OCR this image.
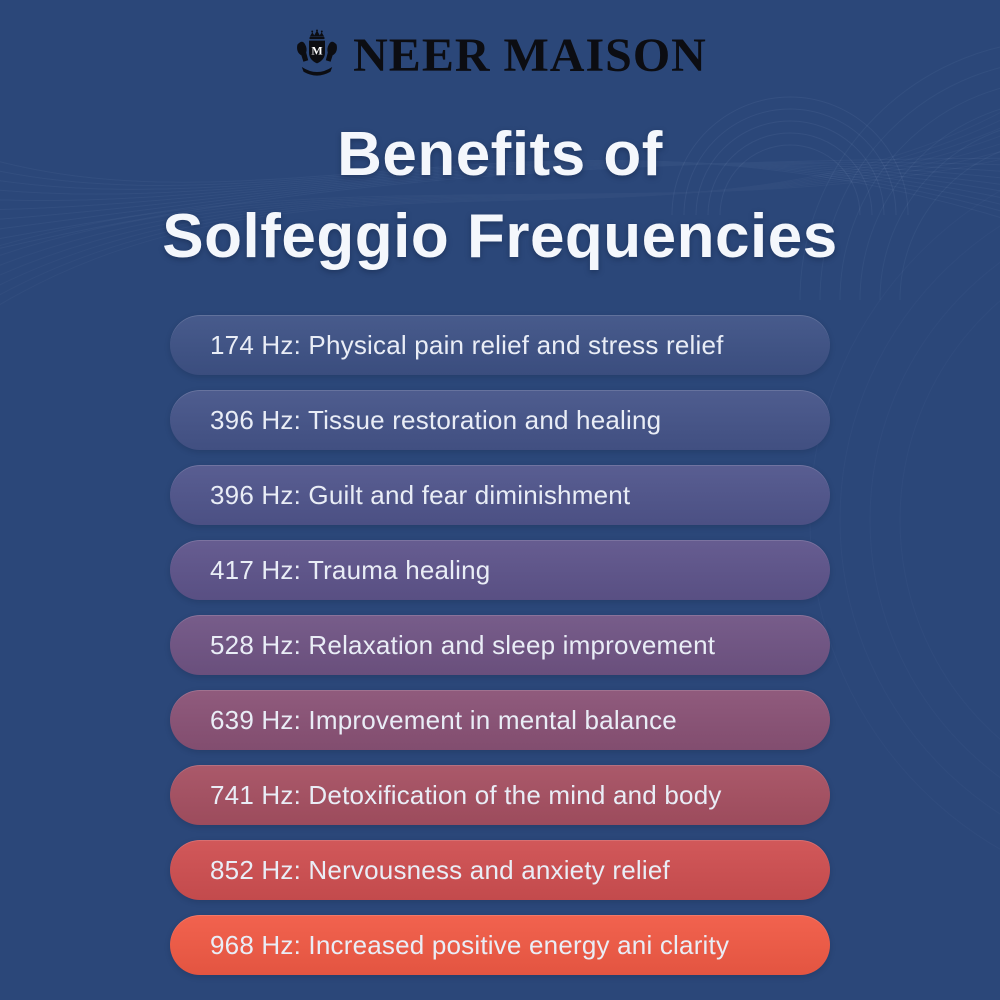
M NEER MAISON
Benefits of
Solfeggio Frequencies
174 Hz: Physical pain relief and stress relief
396 Hz: Tissue restoration and healing
396 Hz: Guilt and fear diminishment
417 Hz: Trauma healing
528 Hz: Relaxation and sleep improvement
639 Hz: Improvement in mental balance
741 Hz: Detoxification of the mind and body
852 Hz: Nervousness and anxiety relief
968 Hz: Increased positive energy ani clarity
